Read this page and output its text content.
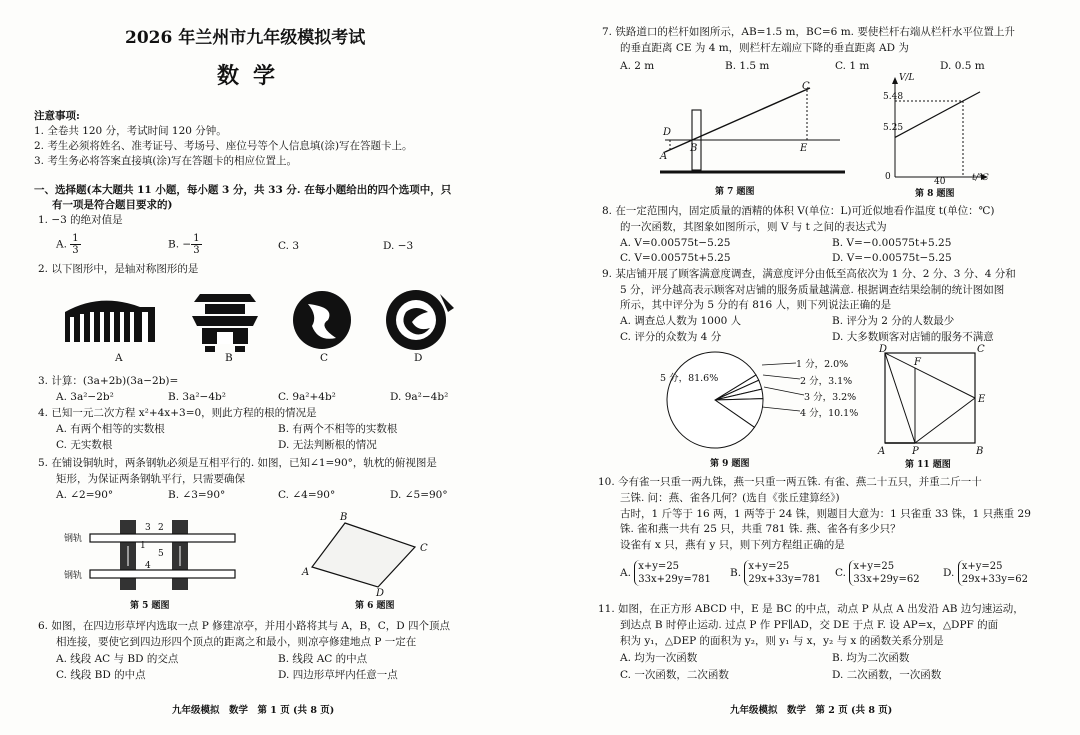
2026 年兰州市九年级模拟考试
数学
注意事项:
1. 全卷共 120 分，考试时间 120 分钟。
2. 考生必须将姓名、准考证号、考场号、座位号等个人信息填(涂)写在答题卡上。
3. 考生务必将答案直接填(涂)写在答题卡的相应位置上。
一、选择题(本大题共 11 小题，每小题 3 分，共 33 分. 在每小题给出的四个选项中，只
有一项是符合题目要求的)
1. −3 的绝对值是
A. $\frac{1}{3}$	B. − $\frac{1}{3}$	C. 3	D. −3
2. 以下图形中，是轴对称图形的是
A	B	C	D
3. 计算：(3a+2b)(3a−2b)=
A. 3a²−2b²	B. 3a²−4b²	C. 9a²+4b²	D. 9a²−4b²
4. 已知一元二次方程 x²+4x+3=0，则此方程的根的情况是
A. 有两个相等的实数根	B. 有两个不相等的实数根
C. 无实数根	D. 无法判断根的情况
5. 在铺设铜轨时，两条钢轨必须是互相平行的. 如图，已知∠1=90°，轨枕的俯视图是
矩形，为保证两条钢轨平行，只需要确保
A. ∠2=90°	B. ∠3=90°	C. ∠4=90°	D. ∠5=90°
钢轨
钢轨
1
2
3
4
5
第 5 题图
B
C
A
D
第 6 题图
6. 如图，在四边形草坪内选取一点 P 修建凉亭，并用小路将其与 A，B，C，D 四个顶点
相连接，要使它到四边形四个顶点的距离之和最小，则凉亭修建地点 P 一定在
A. 线段 AC 与 BD 的交点	B. 线段 AC 的中点
C. 线段 BD 的中点	D. 四边形草坪内任意一点
九年级模拟　数学　第 1 页 (共 8 页)
7. 铁路道口的栏杆如图所示，AB=1.5 m，BC=6 m. 要使栏杆右端从栏杆水平位置上升
的垂直距离 CE 为 4 m，则栏杆左端应下降的垂直距离 AD 为
A. 2 m	B. 1.5 m	C. 1 m	D. 0.5 m
D
A
B
C
E
第 7 题图
V/L
5.48
5.25
0	40	t/℃
第 8 题图
8. 在一定范围内，固定质量的酒精的体积 V(单位：L)可近似地看作温度 t(单位：℃)
的一次函数，其图象如图所示，则 V 与 t 之间的表达式为
A. V=0.00575t−5.25	B. V=−0.00575t+5.25
C. V=0.00575t+5.25	D. V=−0.00575t−5.25
9. 某店铺开展了顾客满意度调查，满意度评分由低至高依次为 1 分、2 分、3 分、4 分和
5 分，评分越高表示顾客对店铺的服务质量越满意. 根据调查结果绘制的统计图如图
所示，其中评分为 5 分的有 816 人，则下列说法正确的是
A. 调查总人数为 1000 人	B. 评分为 2 分的人数最少
C. 评分的众数为 4 分	D. 大多数顾客对店铺的服务不满意
5 分，81.6%
1 分，2.0%
2 分，3.1%
3 分，3.2%
4 分，10.1%
第 9 题图
D
F
C
E
A	P	B
第 11 题图
10. 今有雀一只重一两九铢，燕一只重一两五铢. 有雀、燕二十五只，并重二斤一十
三铢. 问：燕、雀各几何？(选自《张丘建算经》)
古时，1 斤等于 16 两，1 两等于 24 铢，则题目大意为：1 只雀重 33 铢，1 只燕重 29
铢. 雀和燕一共有 25 只，共重 781 铢. 燕、雀各有多少只？
设雀有 x 只，燕有 y 只，则下列方程组正确的是
A.
x+y=25
33x+29y=781
B.
x+y=25
29x+33y=781
C.
x+y=25
33x+29y=62
D.
x+y=25
29x+33y=62
11. 如图，在正方形 ABCD 中，E 是 BC 的中点，动点 P 从点 A 出发沿 AB 边匀速运动，
到达点 B 时停止运动. 过点 P 作 PF∥AD，交 DE 于点 F. 设 AP=x，△DPF 的面
积为 y₁，△DEP 的面积为 y₂，则 y₁ 与 x，y₂ 与 x 的函数关系分别是
A. 均为一次函数	B. 均为二次函数
C. 一次函数，二次函数	D. 二次函数，一次函数
九年级模拟　数学　第 2 页 (共 8 页)
